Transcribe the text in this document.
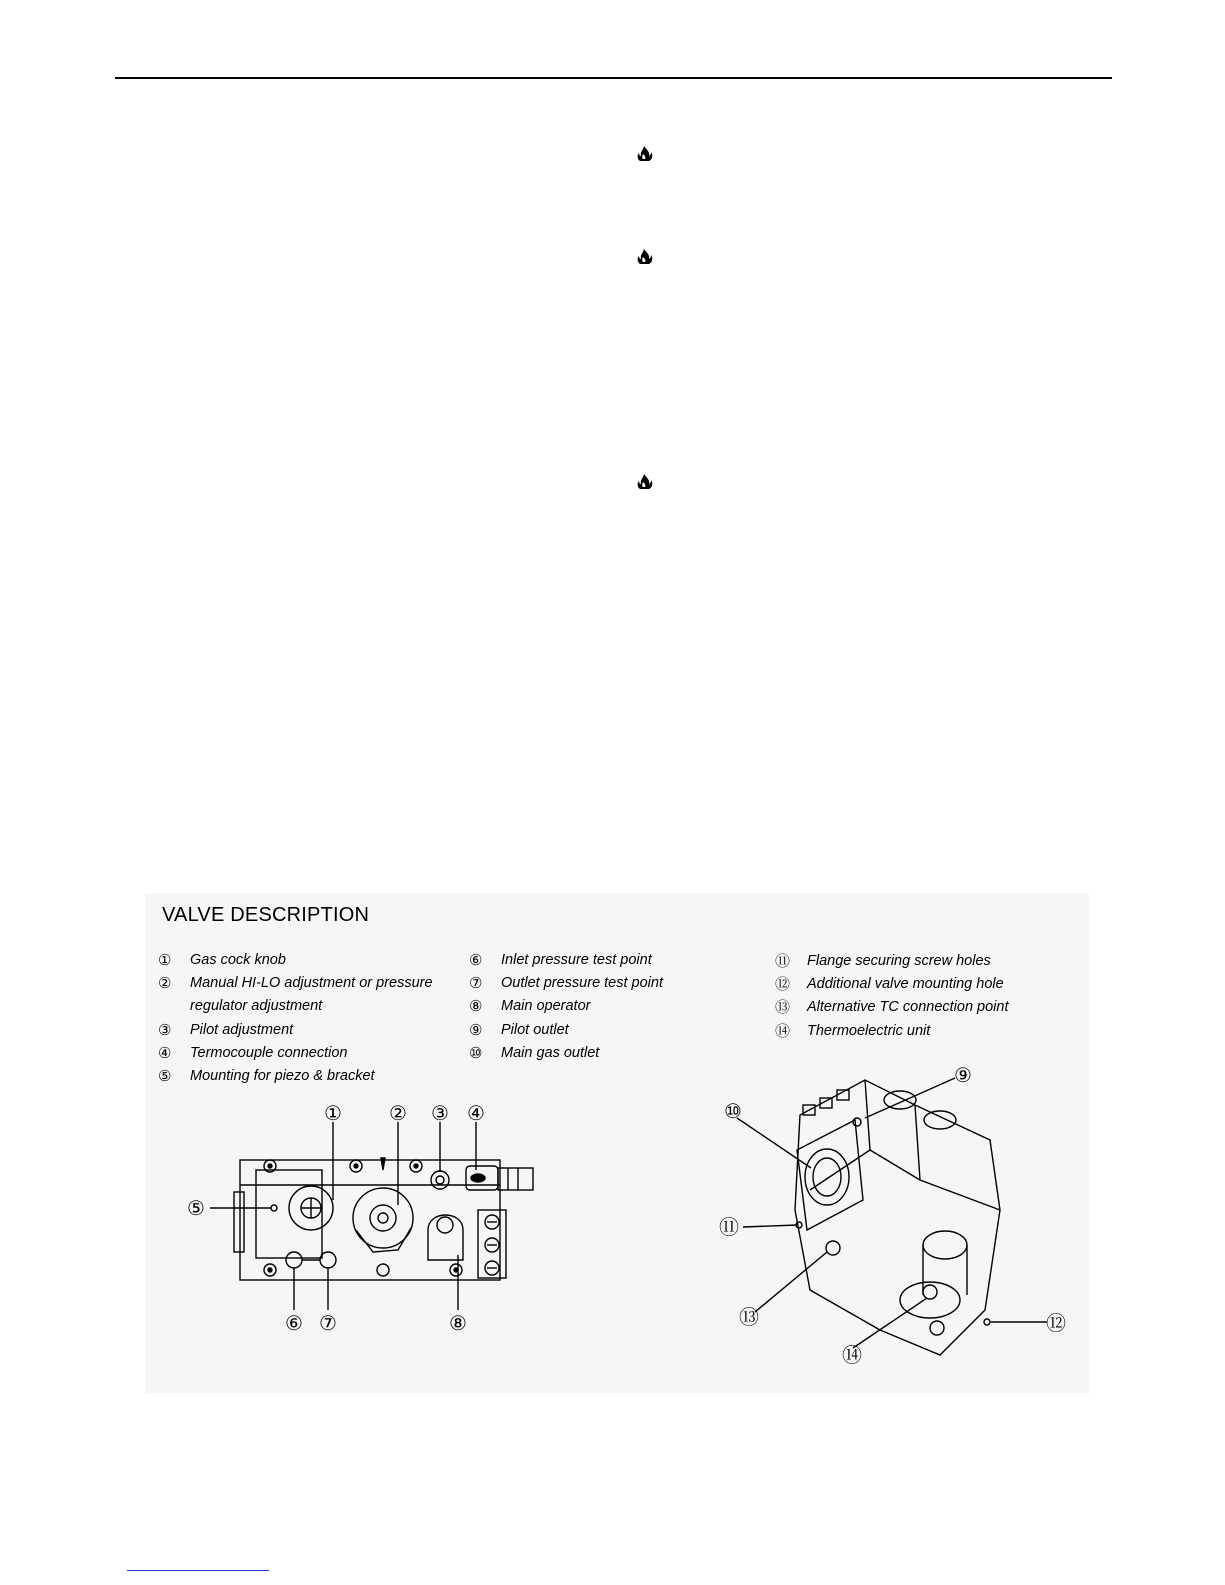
VALVE DESCRIPTION
①	Gas cock knob
②	Manual HI-LO adjustment or pressure
regulator adjustment
③	Pilot adjustment
④	Termocouple connection
⑤	Mounting for piezo & bracket
⑥	Inlet pressure test point
⑦	Outlet pressure test point
⑧	Main operator
⑨	Pilot outlet
⑩	Main gas outlet
⑪	Flange securing screw holes
⑫	Additional valve mounting hole
⑬	Alternative TC connection point
⑭	Thermoelectric unit
① ② ③ ④
⑤
⑥ ⑦	⑧
⑨
⑩
⑪
⑫
⑬
⑭
